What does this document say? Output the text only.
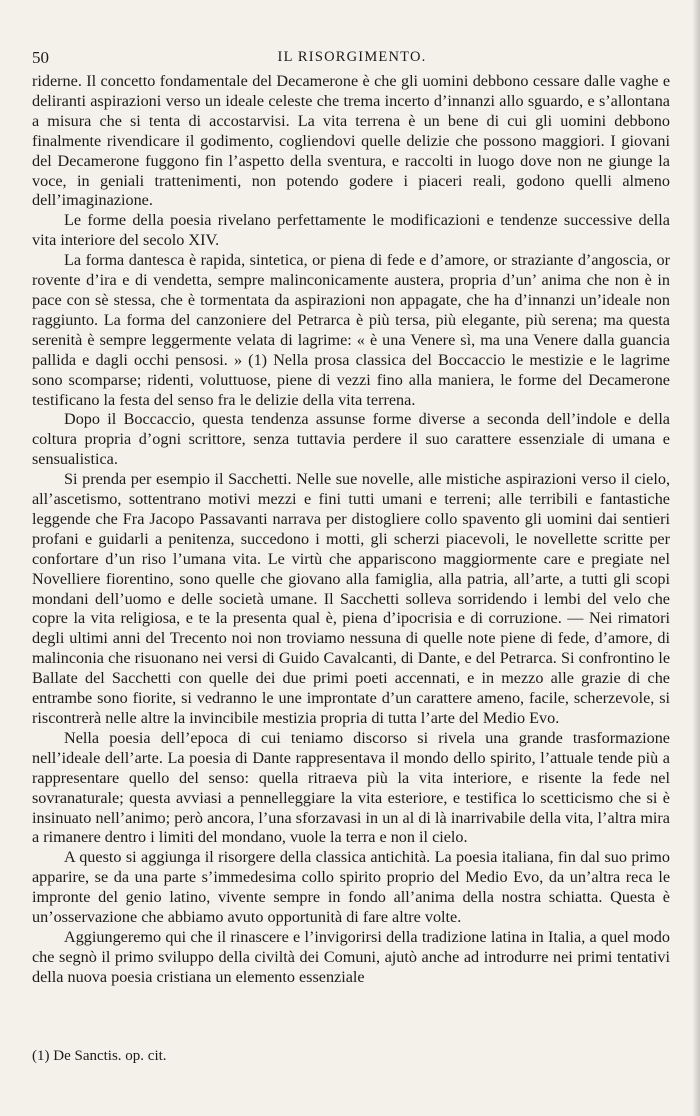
50	IL RISORGIMENTO.

riderne. Il concetto fondamentale del Decamerone è che gli uomini debbono cessare dalle vaghe e deliranti aspirazioni verso un ideale celeste che trema incerto d’innanzi allo sguardo, e s’allontana a misura che si tenta di accostarvisi. La vita terrena è un bene di cui gli uomini debbono finalmente rivendicare il godimento, cogliendovi quelle delizie che possono maggiori. I giovani del Decamerone fuggono fin l’aspetto della sventura, e raccolti in luogo dove non ne giunge la voce, in geniali trattenimenti, non potendo godere i piaceri reali, godono quelli almeno dell’imaginazione.

Le forme della poesia rivelano perfettamente le modificazioni e tendenze successive della vita interiore del secolo XIV.

La forma dantesca è rapida, sintetica, or piena di fede e d’amore, or straziante d’angoscia, or rovente d’ira e di vendetta, sempre malinconicamente austera, propria d’un’ anima che non è in pace con sè stessa, che è tormentata da aspirazioni non appagate, che ha d’innanzi un’ideale non raggiunto. La forma del canzoniere del Petrarca è più tersa, più elegante, più serena; ma questa serenità è sempre leggermente velata di lagrime: « è una Venere sì, ma una Venere dalla guancia pallida e dagli occhi pensosi. » (1) Nella prosa classica del Boccaccio le mestizie e le lagrime sono scomparse; ridenti, voluttuose, piene di vezzi fino alla maniera, le forme del Decamerone testificano la festa del senso fra le delizie della vita terrena.

Dopo il Boccaccio, questa tendenza assunse forme diverse a seconda dell’indole e della coltura propria d’ogni scrittore, senza tuttavia perdere il suo carattere essenziale di umana e sensualistica.

Si prenda per esempio il Sacchetti. Nelle sue novelle, alle mistiche aspirazioni verso il cielo, all’ascetismo, sottentrano motivi mezzi e fini tutti umani e terreni; alle terribili e fantastiche leggende che Fra Jacopo Passavanti narrava per distogliere collo spavento gli uomini dai sentieri profani e guidarli a penitenza, succedono i motti, gli scherzi piacevoli, le novellette scritte per confortare d’un riso l’umana vita. Le virtù che appariscono maggiormente care e pregiate nel Novelliere fiorentino, sono quelle che giovano alla famiglia, alla patria, all’arte, a tutti gli scopi mondani dell’uomo e delle società umane. Il Sacchetti solleva sorridendo i lembi del velo che copre la vita religiosa, e te la presenta qual è, piena d’ipocrisia e di corruzione. — Nei rimatori degli ultimi anni del Trecento noi non troviamo nessuna di quelle note piene di fede, d’amore, di malinconia che risuonano nei versi di Guido Cavalcanti, di Dante, e del Petrarca. Si confrontino le Ballate del Sacchetti con quelle dei due primi poeti accennati, e in mezzo alle grazie di che entrambe sono fiorite, si vedranno le une improntate d’un carattere ameno, facile, scherzevole, si riscontrerà nelle altre la invincibile mestizia propria di tutta l’arte del Medio Evo.

Nella poesia dell’epoca di cui teniamo discorso si rivela una grande trasformazione nell’ideale dell’arte. La poesia di Dante rappresentava il mondo dello spirito, l’attuale tende più a rappresentare quello del senso: quella ritraeva più la vita interiore, e risente la fede nel sovranaturale; questa avviasi a pennelleggiare la vita esteriore, e testifica lo scetticismo che si è insinuato nell’animo; però ancora, l’una sforzavasi in un al di là inarrivabile della vita, l’altra mira a rimanere dentro i limiti del mondano, vuole la terra e non il cielo.

A questo si aggiunga il risorgere della classica antichità. La poesia italiana, fin dal suo primo apparire, se da una parte s’immedesima collo spirito proprio del Medio Evo, da un’altra reca le impronte del genio latino, vivente sempre in fondo all’anima della nostra schiatta. Questa è un’osservazione che abbiamo avuto opportunità di fare altre volte.

Aggiungeremo qui che il rinascere e l’invigorirsi della tradizione latina in Italia, a quel modo che segnò il primo sviluppo della civiltà dei Comuni, ajutò anche ad introdurre nei primi tentativi della nuova poesia cristiana un elemento essenziale

(1) De Sanctis. op. cit.
